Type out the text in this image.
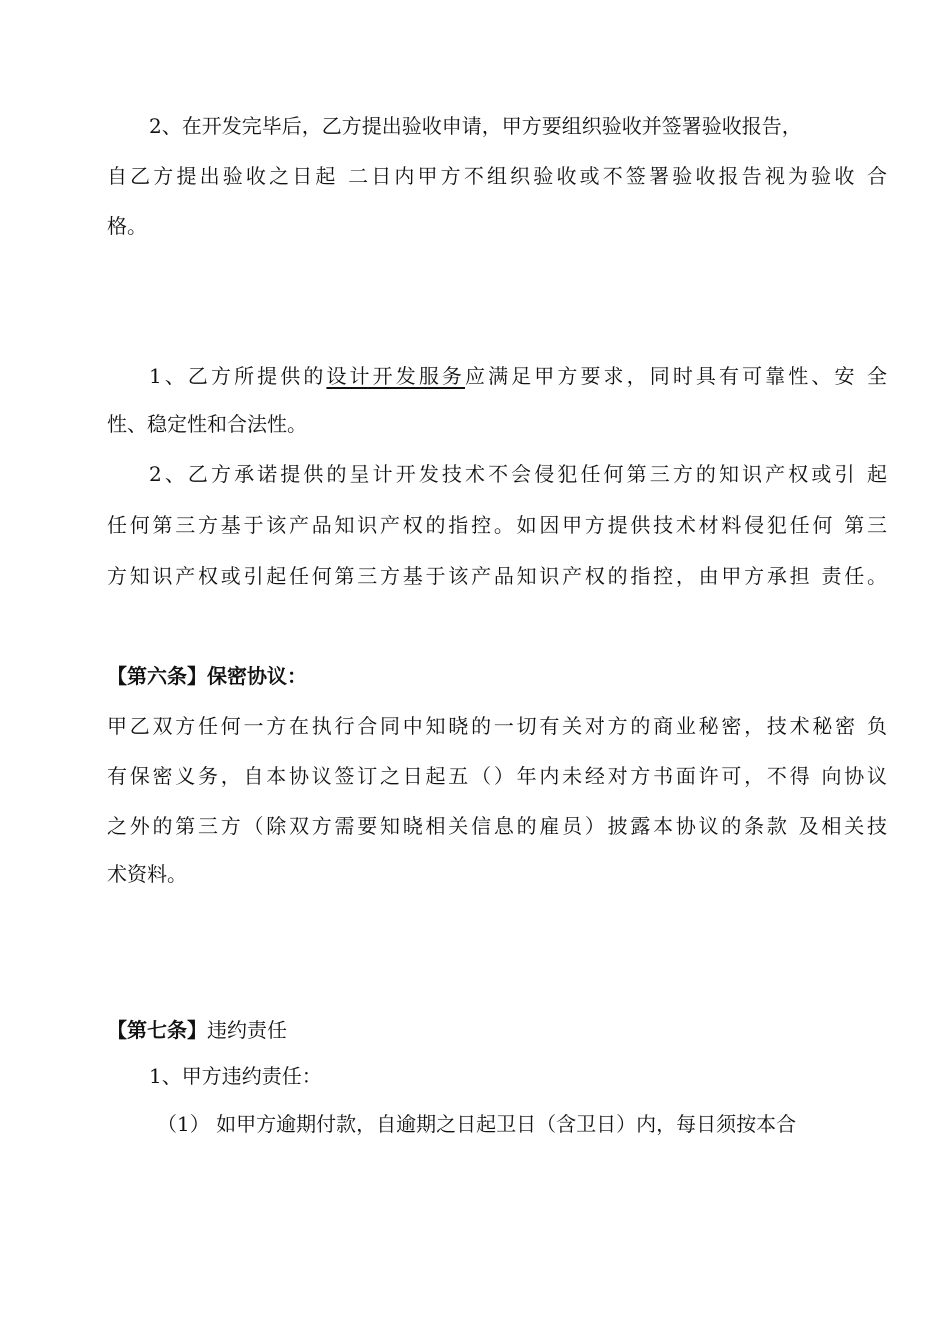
2、在开发完毕后，乙方提出验收申请，甲方要组织验收并签署验收报告，
自乙方提出验收之日起 二日内甲方不组织验收或不签署验收报告视为验收 合
格。
1、乙方所提供的设计开发服务应满足甲方要求，同时具有可靠性、安 全
性、稳定性和合法性。
2、乙方承诺提供的呈计开发技术不会侵犯任何第三方的知识产权或引 起
任何第三方基于该产品知识产权的指控。如因甲方提供技术材料侵犯任何 第三
方知识产权或引起任何第三方基于该产品知识产权的指控，由甲方承担 责任。
【第六条】保密协议：
甲乙双方任何一方在执行合同中知晓的一切有关对方的商业秘密，技术秘密 负
有保密义务，自本协议签订之日起五（）年内未经对方书面许可，不得 向协议
之外的第三方（除双方需要知晓相关信息的雇员）披露本协议的条款 及相关技
术资料。
【第七条】违约责任
1、甲方违约责任：
（1） 如甲方逾期付款，自逾期之日起卫日（含卫日）内，每日须按本合
